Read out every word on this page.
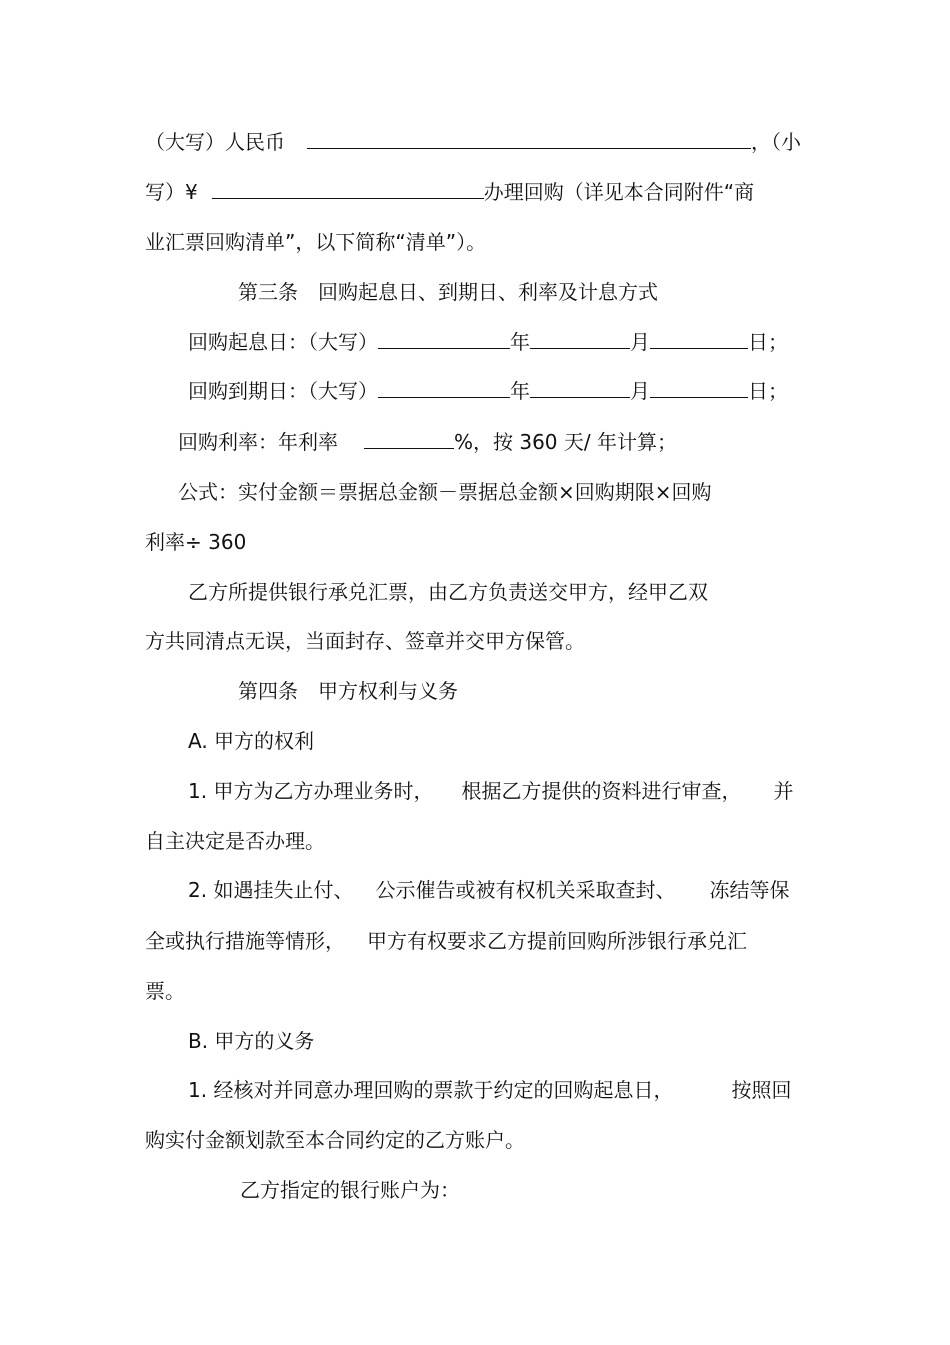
（大写）人民币	，（小
写）¥	办理回购（详见本合同附件“商
业汇票回购清单”，以下简称“清单”）。
第三条 回购起息日、到期日、利率及计息方式
回购起息日：（大写）	年	月	日；
回购到期日：（大写）	年	月	日；
回购利率：年利率	%，按 360 天/ 年计算；
公式：实付金额＝票据总金额－票据总金额×回购期限×回购
利率÷ 360
乙方所提供银行承兑汇票，由乙方负责送交甲方，经甲乙双
方共同清点无误，当面封存、签章并交甲方保管。
第四条 甲方权利与义务
A. 甲方的权利
1. 甲方为乙方办理业务时， 根据乙方提供的资料进行审查， 并
自主决定是否办理。
2. 如遇挂失止付、 公示催告或被有权机关采取查封、 冻结等保
全或执行措施等情形， 甲方有权要求乙方提前回购所涉银行承兑汇
票。
B. 甲方的义务
1. 经核对并同意办理回购的票款于约定的回购起息日，	按照回
购实付金额划款至本合同约定的乙方账户。
乙方指定的银行账户为：
